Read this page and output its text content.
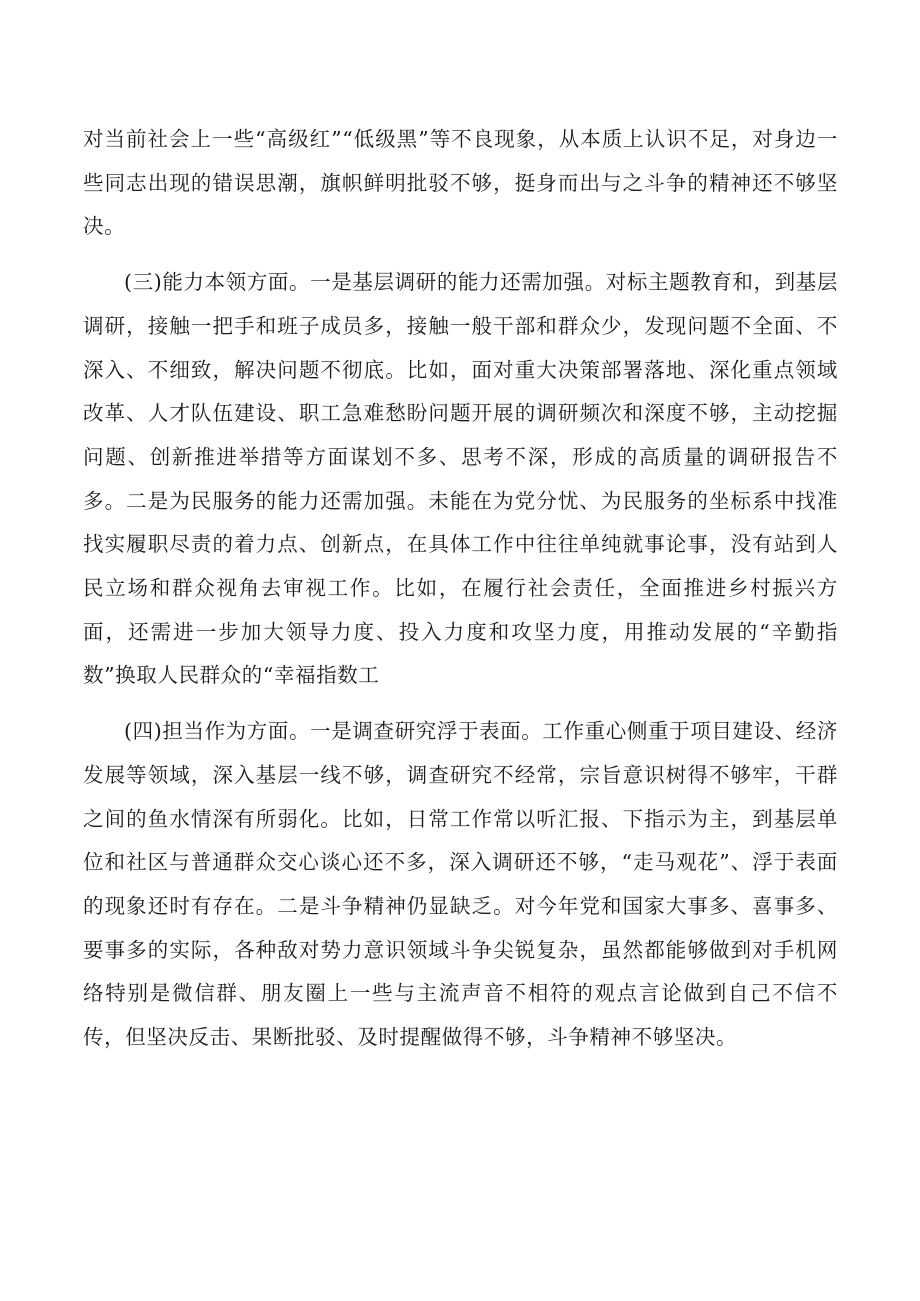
对当前社会上一些“高级红”“低级黑”等不良现象，从本质上认识不足，对身边一些同志出现的错误思潮，旗帜鲜明批驳不够，挺身而出与之斗争的精神还不够坚决。

(三)能力本领方面。一是基层调研的能力还需加强。对标主题教育和，到基层调研，接触一把手和班子成员多，接触一般干部和群众少，发现问题不全面、不深入、不细致，解决问题不彻底。比如，面对重大决策部署落地、深化重点领域改革、人才队伍建设、职工急难愁盼问题开展的调研频次和深度不够，主动挖掘问题、创新推进举措等方面谋划不多、思考不深，形成的高质量的调研报告不多。二是为民服务的能力还需加强。未能在为党分忧、为民服务的坐标系中找准找实履职尽责的着力点、创新点，在具体工作中往往单纯就事论事，没有站到人民立场和群众视角去审视工作。比如，在履行社会责任，全面推进乡村振兴方面，还需进一步加大领导力度、投入力度和攻坚力度，用推动发展的“辛勤指数”换取人民群众的“幸福指数工

(四)担当作为方面。一是调查研究浮于表面。工作重心侧重于项目建设、经济发展等领域，深入基层一线不够，调查研究不经常，宗旨意识树得不够牢，干群之间的鱼水情深有所弱化。比如，日常工作常以听汇报、下指示为主，到基层单位和社区与普通群众交心谈心还不多，深入调研还不够，“走马观花”、浮于表面的现象还时有存在。二是斗争精神仍显缺乏。对今年党和国家大事多、喜事多、要事多的实际，各种敌对势力意识领域斗争尖锐复杂，虽然都能够做到对手机网络特别是微信群、朋友圈上一些与主流声音不相符的观点言论做到自己不信不传，但坚决反击、果断批驳、及时提醒做得不够，斗争精神不够坚决。
